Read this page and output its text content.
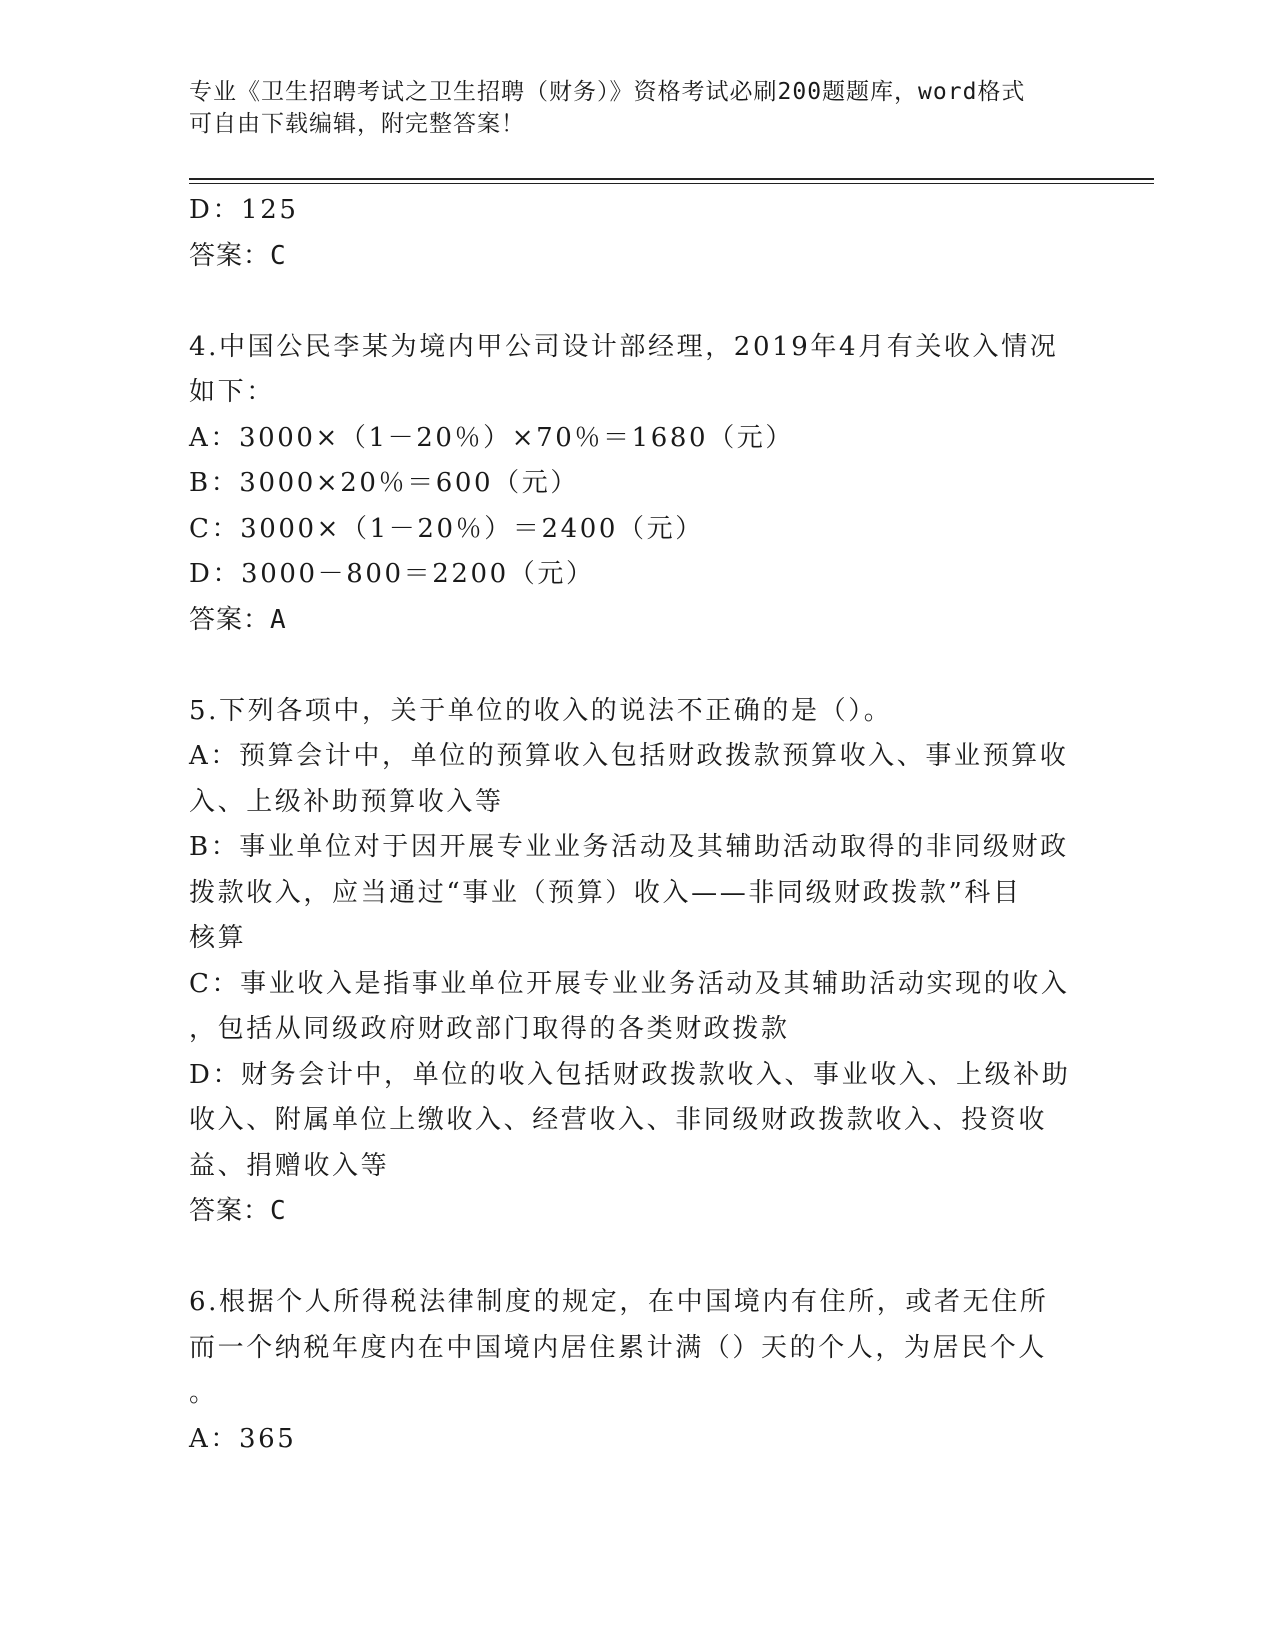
专业《卫生招聘考试之卫生招聘（财务）》资格考试必刷200题题库，word格式
可自由下载编辑，附完整答案！
D：125
答案：C
4.中国公民李某为境内甲公司设计部经理，2019年4月有关收入情况
如下：
A：3000×（1－20％）×70％＝1680（元）
B：3000×20％＝600（元）
C：3000×（1－20％）＝2400（元）
D：3000－800＝2200（元）
答案：A
5.下列各项中，关于单位的收入的说法不正确的是（）。
A：预算会计中，单位的预算收入包括财政拨款预算收入、事业预算收
入、上级补助预算收入等
B：事业单位对于因开展专业业务活动及其辅助活动取得的非同级财政
拨款收入，应当通过“事业（预算）收入——非同级财政拨款”科目
核算
C：事业收入是指事业单位开展专业业务活动及其辅助活动实现的收入
，包括从同级政府财政部门取得的各类财政拨款
D：财务会计中，单位的收入包括财政拨款收入、事业收入、上级补助
收入、附属单位上缴收入、经营收入、非同级财政拨款收入、投资收
益、捐赠收入等
答案：C
6.根据个人所得税法律制度的规定，在中国境内有住所，或者无住所
而一个纳税年度内在中国境内居住累计满（）天的个人，为居民个人
。
A：365
